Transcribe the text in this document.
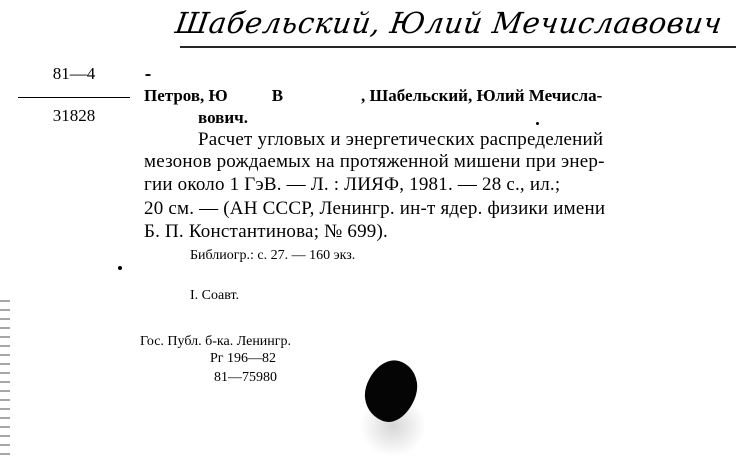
Шабельский, Юлий Мечиславович
81—4
31828
Петров, Ю	В	, Шабельский, Юлий Мечисла-
вович.
Расчет угловых и энергетических распределений
мезонов рождаемых на протяженной мишени при энер-
гии около 1 ГэВ. — Л. : ЛИЯФ, 1981. — 28 с., ил.;
20 см. — (АН СССР, Ленингр. ин-т ядер. физики имени
Б. П. Константинова; № 699).
Библиогр.: с. 27. — 160 экз.
I. Соавт.
Гос. Публ. б-ка. Ленингр.
Рг 196—82
81—75980
